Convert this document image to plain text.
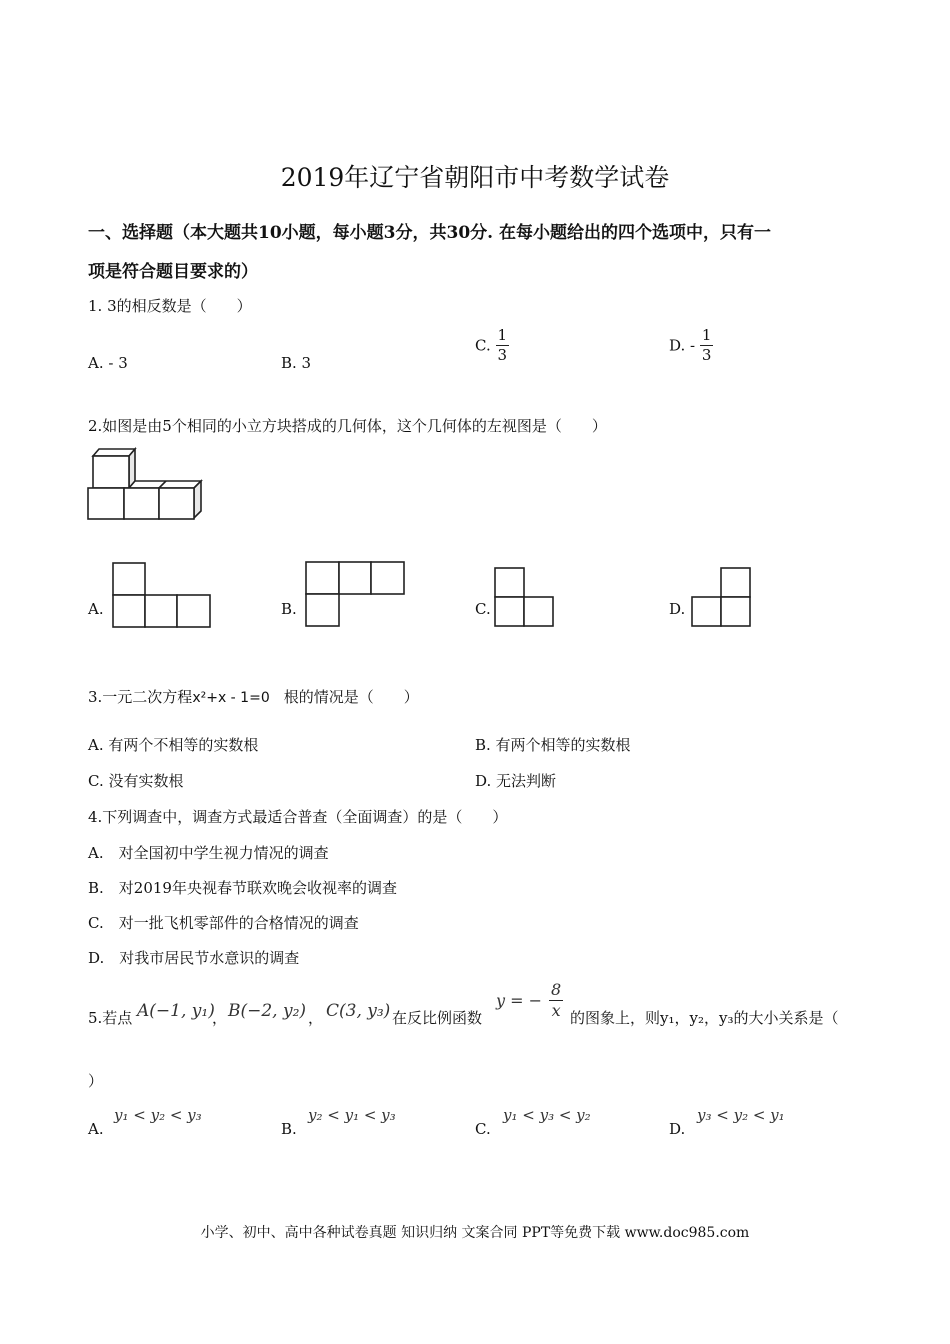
2019年辽宁省朝阳市中考数学试卷
一、选择题（本大题共10小题，每小题3分，共30分. 在每小题给出的四个选项中，只有一
项是符合题目要求的）
1. 3的相反数是（　　）
A. - 3	B. 3
C. $\frac{1}{3}$	D. - $\frac{1}{3}$
2.如图是由5个相同的小立方块搭成的几何体，这个几何体的左视图是（　　）
A.	B.	C.	D.
3.一元二次方程x²+x - 1=0 根的情况是（　　）
A. 有两个不相等的实数根	B. 有两个相等的实数根
C. 没有实数根	D. 无法判断
4.下列调查中，调查方式最适合普查（全面调查）的是（　　）
A.　对全国初中学生视力情况的调查
B.　对2019年央视春节联欢晚会收视率的调查
C.　对一批飞机零部件的合格情况的调查
D.　对我市居民节水意识的调查
5.若点 A(−1, y₁)
， B(−2, y₂) ， C(3, y₃) 在反比例函数
y = − $\frac{8}{x}$ 的图象上，则y₁，y₂，y₃的大小关系是（
）
A.
y₁ < y₂ < y₃
B.
y₂ < y₁ < y₃
C.
y₁ < y₃ < y₂
D.
y₃ < y₂ < y₁
小学、初中、高中各种试卷真题 知识归纳 文案合同 PPT等免费下载 www.doc985.com
